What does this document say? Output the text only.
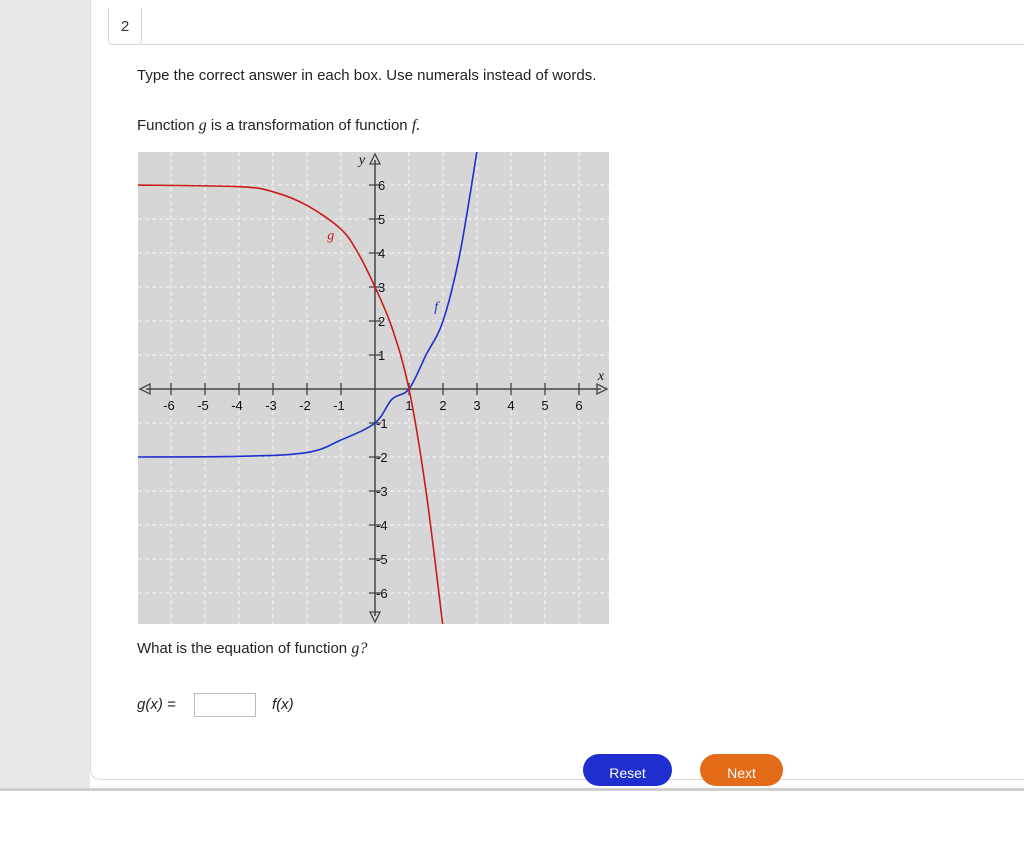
2
Type the correct answer in each box. Use numerals instead of words.
Function g is a transformation of function f.
-6 -5 -4 -3 -2 -1	1 2 3 4 5 6
-6
-5
-4
-3
-2
-1
1
2
3
4
5
6
x
y
f
g
What is the equation of function g?
g(x) =	f(x)
Reset	Next
